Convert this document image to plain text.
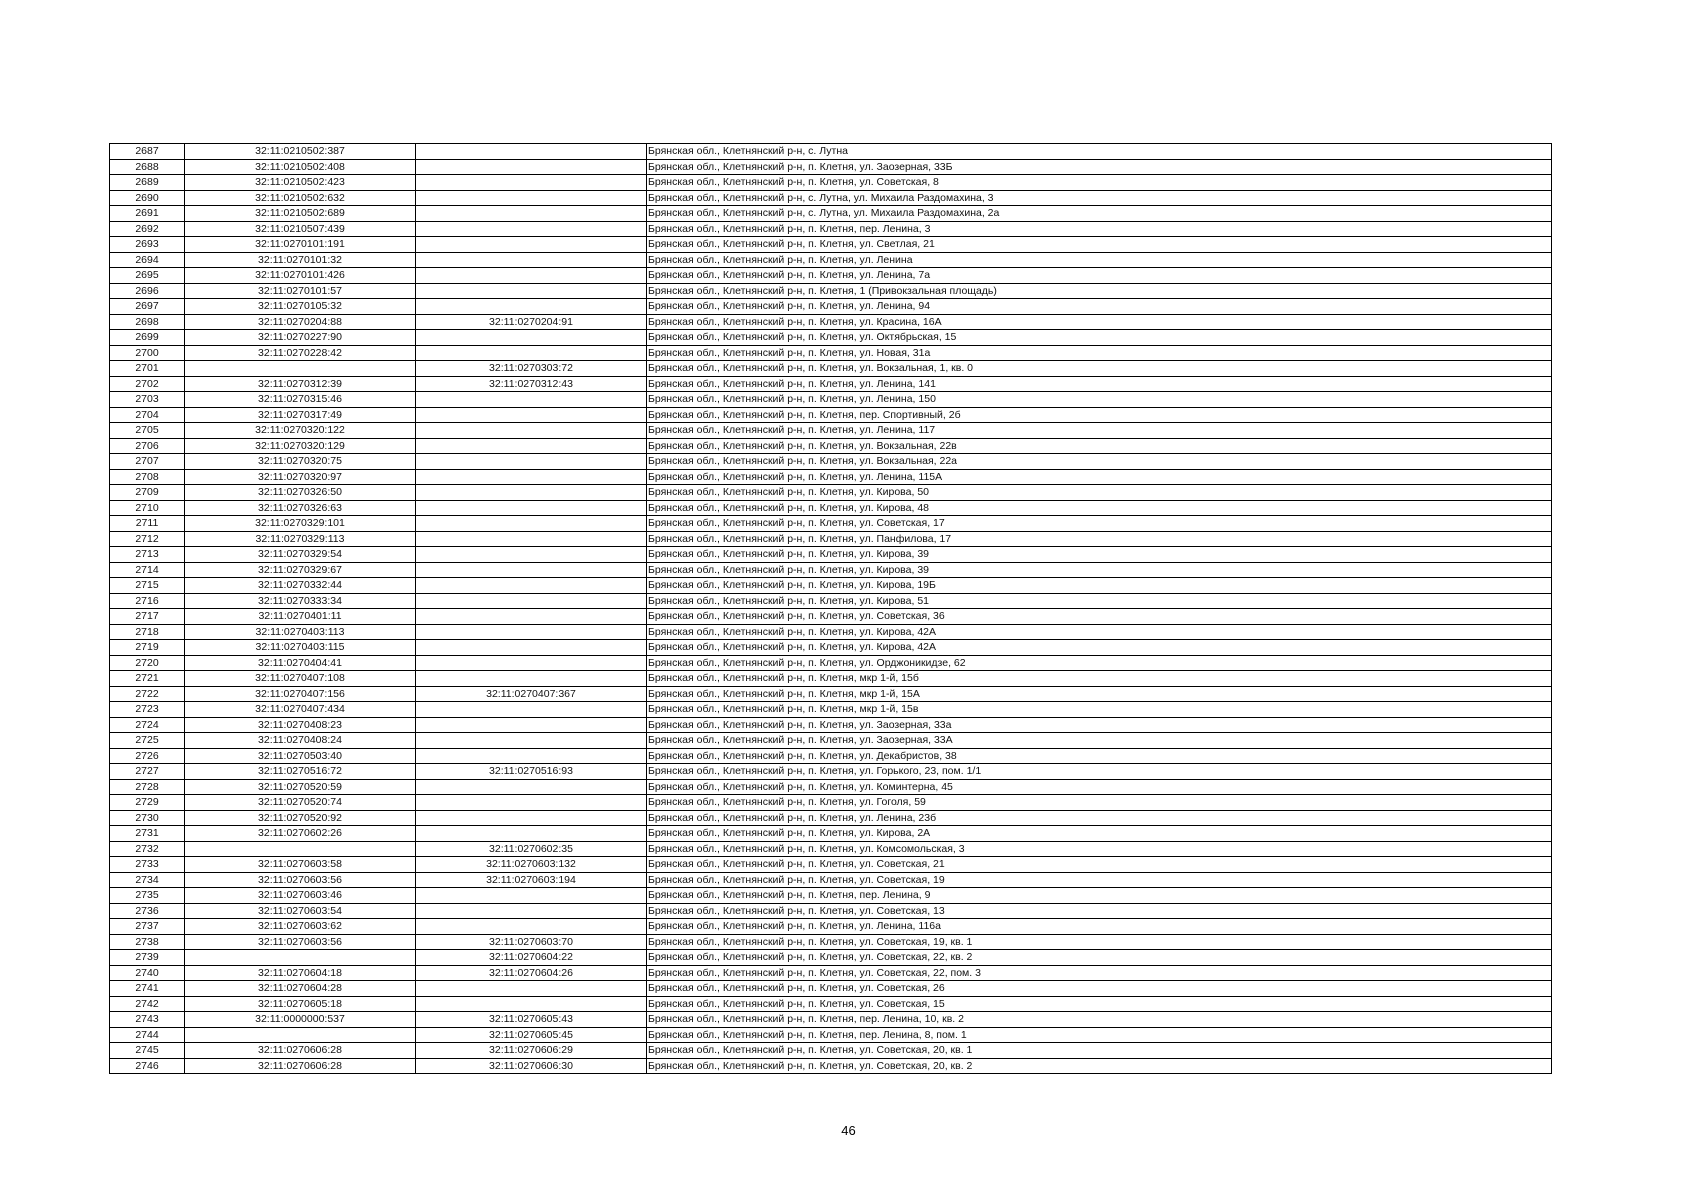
2687	32:11:0210502:387		Брянская обл., Клетнянский р-н, с. Лутна
2688	32:11:0210502:408		Брянская обл., Клетнянский р-н, п. Клетня, ул. Заозерная, 33Б
2689	32:11:0210502:423		Брянская обл., Клетнянский р-н, п. Клетня, ул. Советская, 8
2690	32:11:0210502:632		Брянская обл., Клетнянский р-н, с. Лутна, ул. Михаила Раздомахина, 3
2691	32:11:0210502:689		Брянская обл., Клетнянский р-н, с. Лутна, ул. Михаила Раздомахина, 2а
2692	32:11:0210507:439		Брянская обл., Клетнянский р-н, п. Клетня, пер. Ленина, 3
2693	32:11:0270101:191		Брянская обл., Клетнянский р-н, п. Клетня, ул. Светлая, 21
2694	32:11:0270101:32		Брянская обл., Клетнянский р-н, п. Клетня, ул. Ленина
2695	32:11:0270101:426		Брянская обл., Клетнянский р-н, п. Клетня, ул. Ленина, 7а
2696	32:11:0270101:57		Брянская обл., Клетнянский р-н, п. Клетня, 1 (Привокзальная площадь)
2697	32:11:0270105:32		Брянская обл., Клетнянский р-н, п. Клетня, ул. Ленина, 94
2698	32:11:0270204:88	32:11:0270204:91	Брянская обл., Клетнянский р-н, п. Клетня, ул. Красина, 16А
2699	32:11:0270227:90		Брянская обл., Клетнянский р-н, п. Клетня, ул. Октябрьская, 15
2700	32:11:0270228:42		Брянская обл., Клетнянский р-н, п. Клетня, ул. Новая, 31а
2701		32:11:0270303:72	Брянская обл., Клетнянский р-н, п. Клетня, ул. Вокзальная, 1, кв. 0
2702	32:11:0270312:39	32:11:0270312:43	Брянская обл., Клетнянский р-н, п. Клетня, ул. Ленина, 141
2703	32:11:0270315:46		Брянская обл., Клетнянский р-н, п. Клетня, ул. Ленина, 150
2704	32:11:0270317:49		Брянская обл., Клетнянский р-н, п. Клетня, пер. Спортивный, 2б
2705	32:11:0270320:122		Брянская обл., Клетнянский р-н, п. Клетня, ул. Ленина, 117
2706	32:11:0270320:129		Брянская обл., Клетнянский р-н, п. Клетня, ул. Вокзальная, 22в
2707	32:11:0270320:75		Брянская обл., Клетнянский р-н, п. Клетня, ул. Вокзальная, 22а
2708	32:11:0270320:97		Брянская обл., Клетнянский р-н, п. Клетня, ул. Ленина, 115А
2709	32:11:0270326:50		Брянская обл., Клетнянский р-н, п. Клетня, ул. Кирова, 50
2710	32:11:0270326:63		Брянская обл., Клетнянский р-н, п. Клетня, ул. Кирова, 48
2711	32:11:0270329:101		Брянская обл., Клетнянский р-н, п. Клетня, ул. Советская, 17
2712	32:11:0270329:113		Брянская обл., Клетнянский р-н, п. Клетня, ул. Панфилова, 17
2713	32:11:0270329:54		Брянская обл., Клетнянский р-н, п. Клетня, ул. Кирова, 39
2714	32:11:0270329:67		Брянская обл., Клетнянский р-н, п. Клетня, ул. Кирова, 39
2715	32:11:0270332:44		Брянская обл., Клетнянский р-н, п. Клетня, ул. Кирова, 19Б
2716	32:11:0270333:34		Брянская обл., Клетнянский р-н, п. Клетня, ул. Кирова, 51
2717	32:11:0270401:11		Брянская обл., Клетнянский р-н, п. Клетня, ул. Советская, 36
2718	32:11:0270403:113		Брянская обл., Клетнянский р-н, п. Клетня, ул. Кирова, 42А
2719	32:11:0270403:115		Брянская обл., Клетнянский р-н, п. Клетня, ул. Кирова, 42А
2720	32:11:0270404:41		Брянская обл., Клетнянский р-н, п. Клетня, ул. Орджоникидзе, 62
2721	32:11:0270407:108		Брянская обл., Клетнянский р-н, п. Клетня, мкр 1-й, 15б
2722	32:11:0270407:156	32:11:0270407:367	Брянская обл., Клетнянский р-н, п. Клетня, мкр 1-й, 15А
2723	32:11:0270407:434		Брянская обл., Клетнянский р-н, п. Клетня, мкр 1-й, 15в
2724	32:11:0270408:23		Брянская обл., Клетнянский р-н, п. Клетня, ул. Заозерная, 33а
2725	32:11:0270408:24		Брянская обл., Клетнянский р-н, п. Клетня, ул. Заозерная, 33А
2726	32:11:0270503:40		Брянская обл., Клетнянский р-н, п. Клетня, ул. Декабристов, 38
2727	32:11:0270516:72	32:11:0270516:93	Брянская обл., Клетнянский р-н, п. Клетня, ул. Горького, 23, пом. 1/1
2728	32:11:0270520:59		Брянская обл., Клетнянский р-н, п. Клетня, ул. Коминтерна, 45
2729	32:11:0270520:74		Брянская обл., Клетнянский р-н, п. Клетня, ул. Гоголя, 59
2730	32:11:0270520:92		Брянская обл., Клетнянский р-н, п. Клетня, ул. Ленина, 23б
2731	32:11:0270602:26		Брянская обл., Клетнянский р-н, п. Клетня, ул. Кирова, 2А
2732		32:11:0270602:35	Брянская обл., Клетнянский р-н, п. Клетня, ул. Комсомольская, 3
2733	32:11:0270603:58	32:11:0270603:132	Брянская обл., Клетнянский р-н, п. Клетня, ул. Советская, 21
2734	32:11:0270603:56	32:11:0270603:194	Брянская обл., Клетнянский р-н, п. Клетня, ул. Советская, 19
2735	32:11:0270603:46		Брянская обл., Клетнянский р-н, п. Клетня, пер. Ленина, 9
2736	32:11:0270603:54		Брянская обл., Клетнянский р-н, п. Клетня, ул. Советская, 13
2737	32:11:0270603:62		Брянская обл., Клетнянский р-н, п. Клетня, ул. Ленина, 116а
2738	32:11:0270603:56	32:11:0270603:70	Брянская обл., Клетнянский р-н, п. Клетня, ул. Советская, 19, кв. 1
2739		32:11:0270604:22	Брянская обл., Клетнянский р-н, п. Клетня, ул. Советская, 22, кв. 2
2740	32:11:0270604:18	32:11:0270604:26	Брянская обл., Клетнянский р-н, п. Клетня, ул. Советская, 22, пом. 3
2741	32:11:0270604:28		Брянская обл., Клетнянский р-н, п. Клетня, ул. Советская, 26
2742	32:11:0270605:18		Брянская обл., Клетнянский р-н, п. Клетня, ул. Советская, 15
2743	32:11:0000000:537	32:11:0270605:43	Брянская обл., Клетнянский р-н, п. Клетня, пер. Ленина, 10, кв. 2
2744		32:11:0270605:45	Брянская обл., Клетнянский р-н, п. Клетня, пер. Ленина, 8, пом. 1
2745	32:11:0270606:28	32:11:0270606:29	Брянская обл., Клетнянский р-н, п. Клетня, ул. Советская, 20, кв. 1
2746	32:11:0270606:28	32:11:0270606:30	Брянская обл., Клетнянский р-н, п. Клетня, ул. Советская, 20, кв. 2
46
